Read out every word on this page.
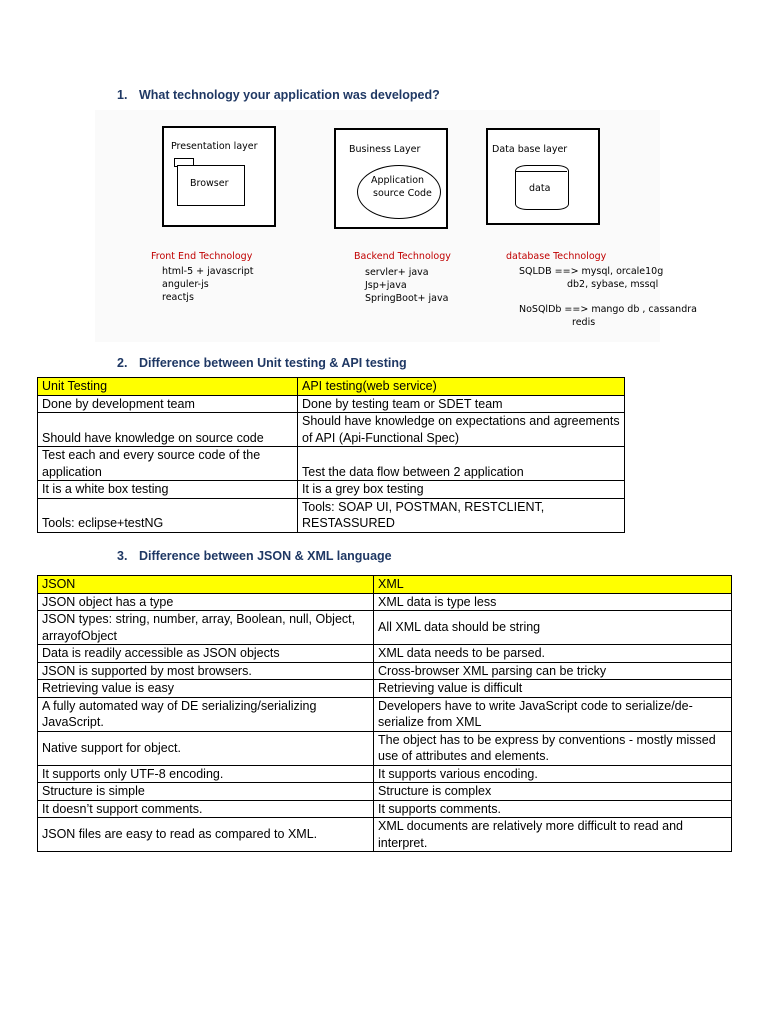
1. What technology your application was developed?
Presentation layer
Browser
Business Layer
Application
source Code
Data base layer
data
Front End Technology
html-5 + javascript
anguler-js
reactjs
Backend Technology
servler+ java
Jsp+java
SpringBoot+ java
database Technology
SQLDB ==> mysql, orcale10g
db2, sybase, mssql
NoSQlDb ==> mango db , cassandra
redis
2. Difference between Unit testing & API testing
Unit Testing	API testing(web service)
Done by development team	Done by testing team or SDET team
Should have knowledge on source code	Should have knowledge on expectations and agreements of API (Api-Functional Spec)
Test each and every source code of the application	Test the data flow between 2 application
It is a white box testing	It is a grey box testing
Tools: eclipse+testNG	Tools: SOAP UI, POSTMAN, RESTCLIENT, RESTASSURED
3. Difference between JSON & XML language
JSON	XML
JSON object has a type	XML data is type less
JSON types: string, number, array, Boolean, null, Object, arrayofObject	All XML data should be string
Data is readily accessible as JSON objects	XML data needs to be parsed.
JSON is supported by most browsers.	Cross-browser XML parsing can be tricky
Retrieving value is easy	Retrieving value is difficult
A fully automated way of DE serializing/serializing JavaScript.	Developers have to write JavaScript code to serialize/de-serialize from XML
Native support for object.	The object has to be express by conventions - mostly missed use of attributes and elements.
It supports only UTF-8 encoding.	It supports various encoding.
Structure is simple	Structure is complex
It doesn’t support comments.	It supports comments.
JSON files are easy to read as compared to XML.	XML documents are relatively more difficult to read and interpret.
